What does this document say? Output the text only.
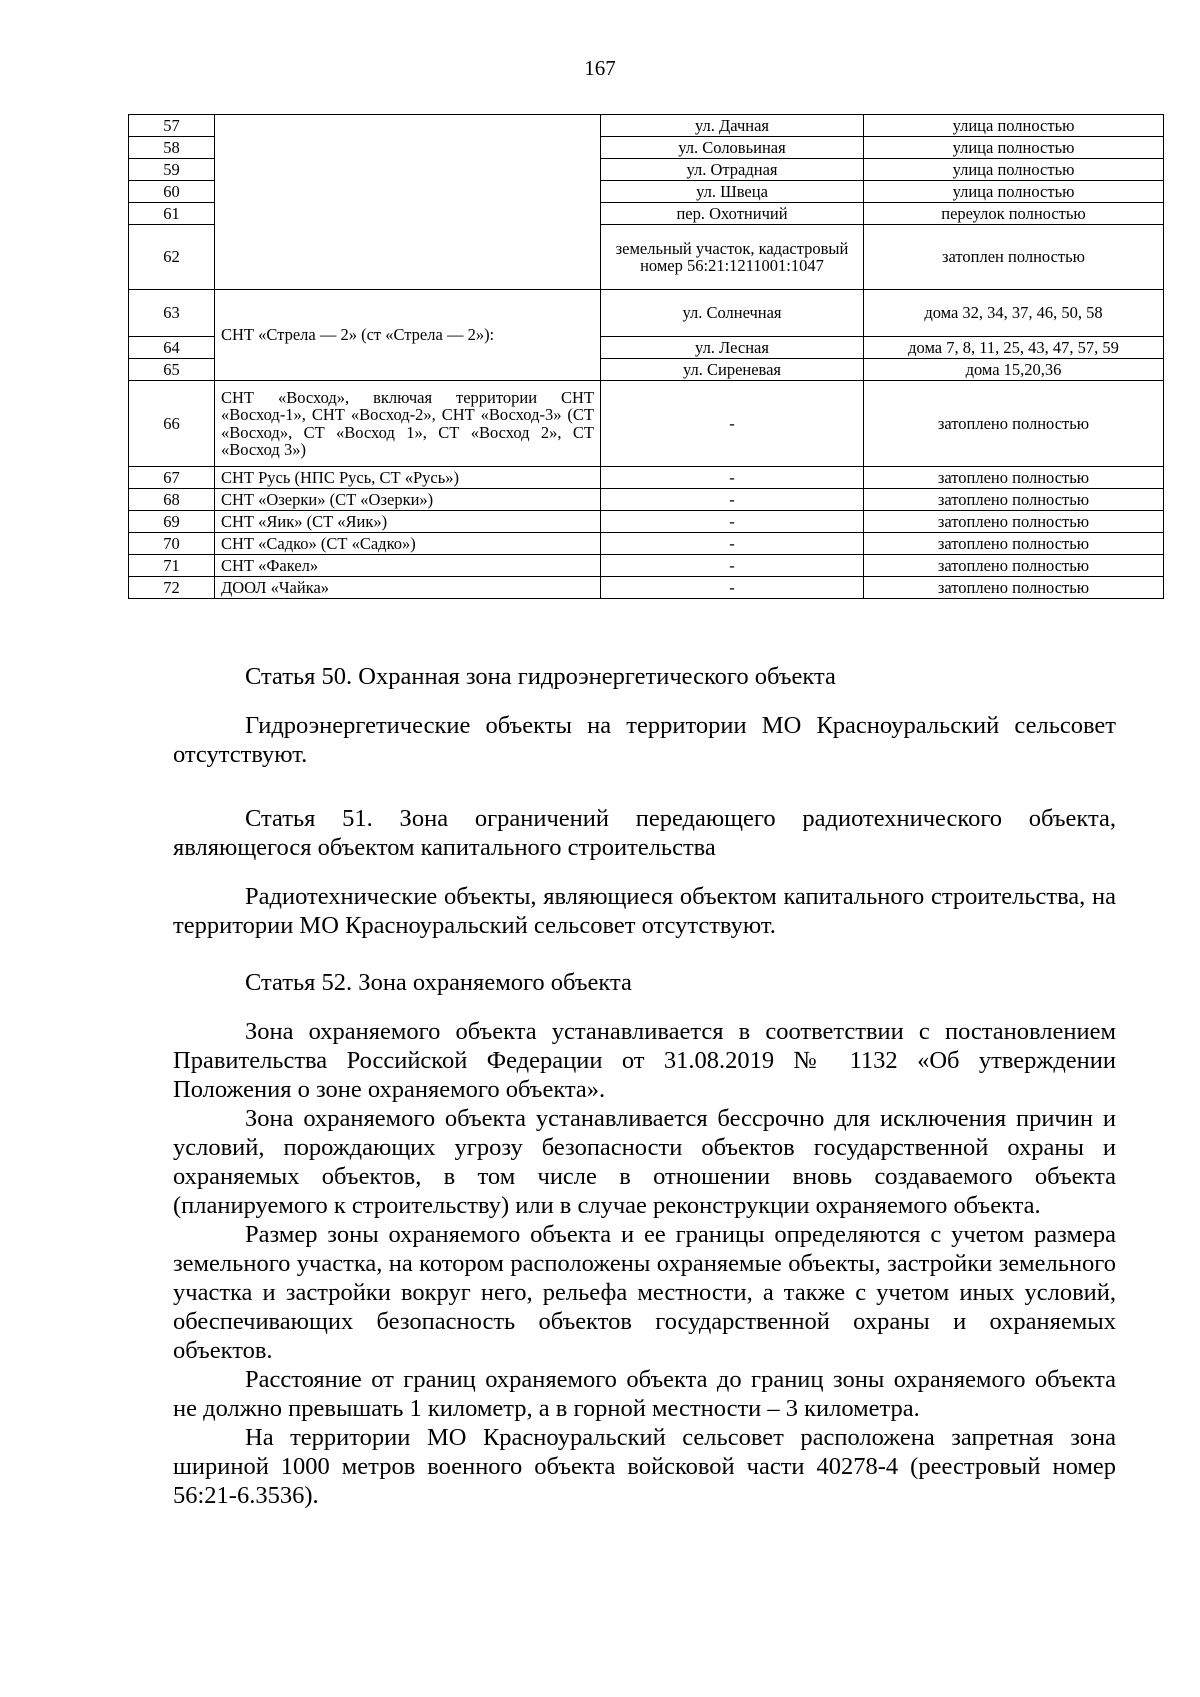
167
57		ул. Дачная	улица полностью
58		ул. Соловьиная	улица полностью
59		ул. Отрадная	улица полностью
60		ул. Швеца	улица полностью
61		пер. Охотничий	переулок полностью
62		земельный участок, кадастровый номер 56:21:1211001:1047	затоплен полностью
63	СНТ «Стрела — 2» (ст «Стрела — 2»):	ул. Солнечная	дома 32, 34, 37, 46, 50, 58
64		ул. Лесная	дома 7, 8, 11, 25, 43, 47, 57, 59
65		ул. Сиреневая	дома 15,20,36
66	СНТ «Восход», включая территории СНТ «Восход-1», СНТ «Восход-2», СНТ «Восход-3» (СТ «Восход», СТ «Восход 1», СТ «Восход 2», СТ «Восход 3»)	-	затоплено полностью
67	СНТ Русь (НПС Русь, СТ «Русь»)	-	затоплено полностью
68	СНТ «Озерки» (СТ «Озерки»)	-	затоплено полностью
69	СНТ «Яик» (СТ «Яик»)	-	затоплено полностью
70	СНТ «Садко» (СТ «Садко»)	-	затоплено полностью
71	СНТ «Факел»	-	затоплено полностью
72	ДООЛ «Чайка»	-	затоплено полностью

Статья 50. Охранная зона гидроэнергетического объекта

Гидроэнергетические объекты на территории МО Красноуральский сельсовет отсутствуют.

Статья 51. Зона ограничений передающего радиотехнического объекта, являющегося объектом капитального строительства

Радиотехнические объекты, являющиеся объектом капитального строительства, на территории МО Красноуральский сельсовет отсутствуют.

Статья 52. Зона охраняемого объекта

Зона охраняемого объекта устанавливается в соответствии с постановлением Правительства Российской Федерации от 31.08.2019 № 1132 «Об утверждении Положения о зоне охраняемого объекта».

Зона охраняемого объекта устанавливается бессрочно для исключения причин и условий, порождающих угрозу безопасности объектов государственной охраны и охраняемых объектов, в том числе в отношении вновь создаваемого объекта (планируемого к строительству) или в случае реконструкции охраняемого объекта.

Размер зоны охраняемого объекта и ее границы определяются с учетом размера земельного участка, на котором расположены охраняемые объекты, застройки земельного участка и застройки вокруг него, рельефа местности, а также с учетом иных условий, обеспечивающих безопасность объектов государственной охраны и охраняемых объектов.

Расстояние от границ охраняемого объекта до границ зоны охраняемого объекта не должно превышать 1 километр, а в горной местности – 3 километра.

На территории МО Красноуральский сельсовет расположена запретная зона шириной 1000 метров военного объекта войсковой части 40278-4 (реестровый номер 56:21-6.3536).
